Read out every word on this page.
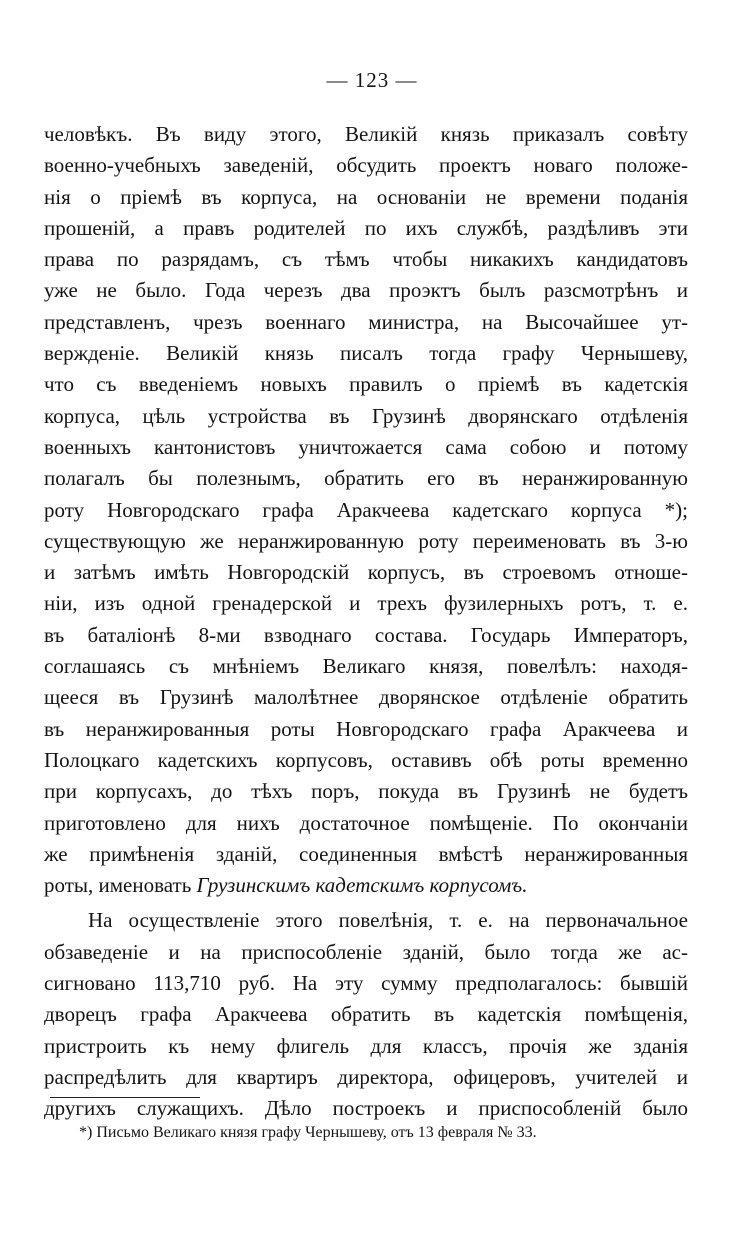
— 123 —
человѣкъ. Въ виду этого, Великій князь приказалъ совѣту
военно-учебныхъ заведеній, обсудить проектъ новаго положе-
нія о пріемѣ въ корпуса, на основаніи не времени поданія
прошеній, а правъ родителей по ихъ службѣ, раздѣливъ эти
права по разрядамъ, съ тѣмъ чтобы никакихъ кандидатовъ
уже не было. Года черезъ два проэктъ былъ разсмотрѣнъ и
представленъ, чрезъ военнаго министра, на Высочайшее ут-
вержденіе. Великій князь писалъ тогда графу Чернышеву,
что съ введеніемъ новыхъ правилъ о пріемѣ въ кадетскія
корпуса, цѣль устройства въ Грузинѣ дворянскаго отдѣленія
военныхъ кантонистовъ уничтожается сама собою и потому
полагалъ бы полезнымъ, обратить его въ неранжированную
роту Новгородскаго графа Аракчеева кадетскаго корпуса *);
существующую же неранжированную роту переименовать въ 3-ю
и затѣмъ имѣть Новгородскій корпусъ, въ строевомъ отноше-
ніи, изъ одной гренадерской и трехъ фузилерныхъ ротъ, т. е.
въ баталіонѣ 8-ми взводнаго состава. Государь Императоръ,
соглашаясь съ мнѣніемъ Великаго князя, повелѣлъ: находя-
щееся въ Грузинѣ малолѣтнее дворянское отдѣленіе обратить
въ неранжированныя роты Новгородскаго графа Аракчеева и
Полоцкаго кадетскихъ корпусовъ, оставивъ обѣ роты временно
при корпусахъ, до тѣхъ поръ, покуда въ Грузинѣ не будетъ
приготовлено для нихъ достаточное помѣщеніе. По окончаніи
же примѣненія зданій, соединенныя вмѣстѣ неранжированныя
роты, именовать Грузинскимъ кадетскимъ корпусомъ.
На осуществленіе этого повелѣнія, т. е. на первоначальное
обзаведеніе и на приспособленіе зданій, было тогда же ас-
сигновано 113,710 руб. На эту сумму предполагалось: бывшій
дворецъ графа Аракчеева обратить въ кадетскія помѣщенія,
пристроить къ нему флигель для классъ, прочія же зданія
распредѣлить для квартиръ директора, офицеровъ, учителей и
другихъ служащихъ. Дѣло построекъ и приспособленій было
*) Письмо Великаго князя графу Чернышеву, отъ 13 февраля № 33.
